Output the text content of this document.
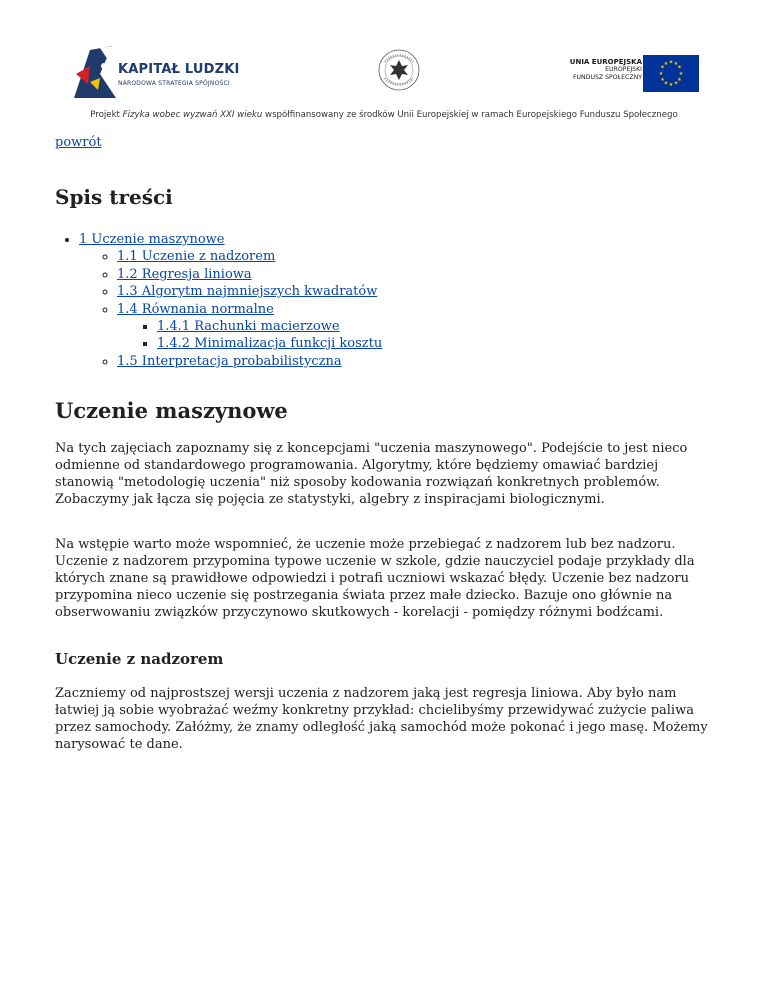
KAPITAŁ LUDZKI
NARODOWA STRATEGIA SPÓJNOŚCI
UNIA EUROPEJSKA
EUROPEJSKI
FUNDUSZ SPOŁECZNY
★ ★
★
★
★
★
★
★
★
★
★
★
Projekt Fizyka wobec wyzwań XXI wieku współfinansowany ze środków Unii Europejskiej w ramach Europejskiego Funduszu Społecznego
powrót
Spis treści
• 1 Uczenie maszynowe
◦ 1.1 Uczenie z nadzorem
◦ 1.2 Regresja liniowa
◦ 1.3 Algorytm najmniejszych kwadratów
◦ 1.4 Równania normalne
▪ 1.4.1 Rachunki macierzowe
▪ 1.4.2 Minimalizacja funkcji kosztu
◦ 1.5 Interpretacja probabilistyczna
Uczenie maszynowe

Na tych zajęciach zapoznamy się z koncepcjami "uczenia maszynowego". Podejście to jest nieco odmienne od standardowego programowania. Algorytmy, które będziemy omawiać bardziej stanowią "metodologię uczenia" niż sposoby kodowania rozwiązań konkretnych problemów. Zobaczymy jak łącza się pojęcia ze statystyki, algebry z inspiracjami biologicznymi.

Na wstępie warto może wspomnieć, że uczenie może przebiegać z nadzorem lub bez nadzoru. Uczenie z nadzorem przypomina typowe uczenie w szkole, gdzie nauczyciel podaje przykłady dla których znane są prawidłowe odpowiedzi i potrafi uczniowi wskazać błędy. Uczenie bez nadzoru przypomina nieco uczenie się postrzegania świata przez małe dziecko. Bazuje ono głównie na obserwowaniu związków przyczynowo skutkowych - korelacji - pomiędzy różnymi bodźcami.

Uczenie z nadzorem

Zaczniemy od najprostszej wersji uczenia z nadzorem jaką jest regresja liniowa. Aby było nam łatwiej ją sobie wyobrażać weźmy konkretny przykład: chcielibyśmy przewidywać zużycie paliwa przez samochody. Załóżmy, że znamy odległość jaką samochód może pokonać i jego masę. Możemy narysować te dane.
